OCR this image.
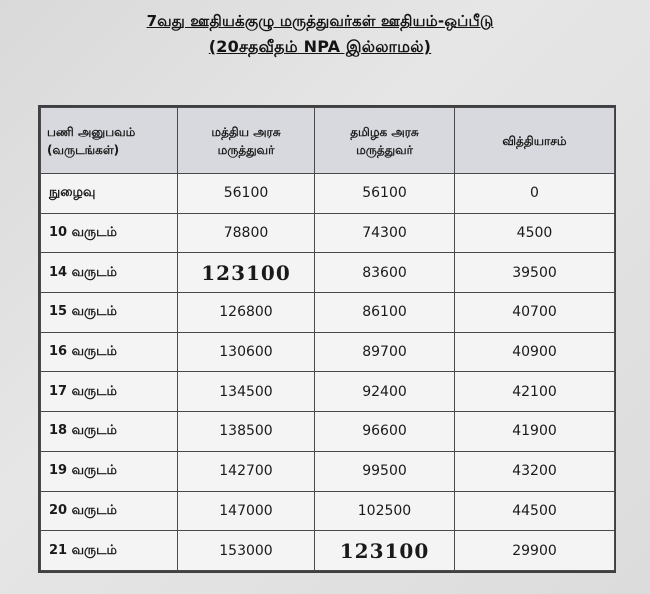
7வது ஊதியக்குழு மருத்துவர்கள் ஊதியம்-ஒப்பீடு
(20சதவீதம் NPA இல்லாமல்)
பணி அனுபவம் (வருடங்கள்)	மத்திய அரசு மருத்துவர்	தமிழக அரசு மருத்துவர்	வித்தியாசம்
நுழைவு	56100	56100	0
10 வருடம்	78800	74300	4500
14 வருடம்	123100	83600	39500
15 வருடம்	126800	86100	40700
16 வருடம்	130600	89700	40900
17 வருடம்	134500	92400	42100
18 வருடம்	138500	96600	41900
19 வருடம்	142700	99500	43200
20 வருடம்	147000	102500	44500
21 வருடம்	153000	123100	29900
